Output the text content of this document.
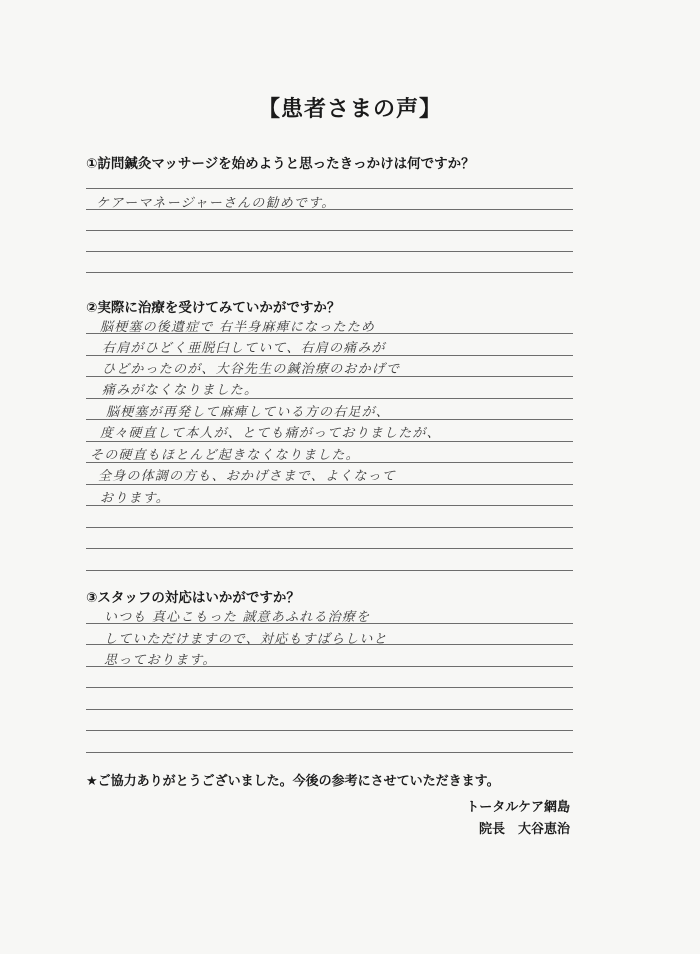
【患者さまの声】
①訪問鍼灸マッサージを始めようと思ったきっかけは何ですか？
ケアーマネージャーさんの勧めです。
②実際に治療を受けてみていかがですか？
脳梗塞の後遺症で 右半身麻痺になったため
右肩がひどく亜脱臼していて、右肩の痛みが
ひどかったのが、大谷先生の鍼治療のおかげで
痛みがなくなりました。
脳梗塞が再発して麻痺している方の右足が、
度々硬直して本人が、とても痛がっておりましたが、
その硬直もほとんど起きなくなりました。
全身の体調の方も、おかげさまで、よくなって
おります。
③スタッフの対応はいかがですか？
いつも 真心こもった 誠意あふれる治療を
していただけますので、対応もすばらしいと
思っております。
★ご協力ありがとうございました。今後の参考にさせていただきます。
トータルケア網島
院長　大谷恵治
